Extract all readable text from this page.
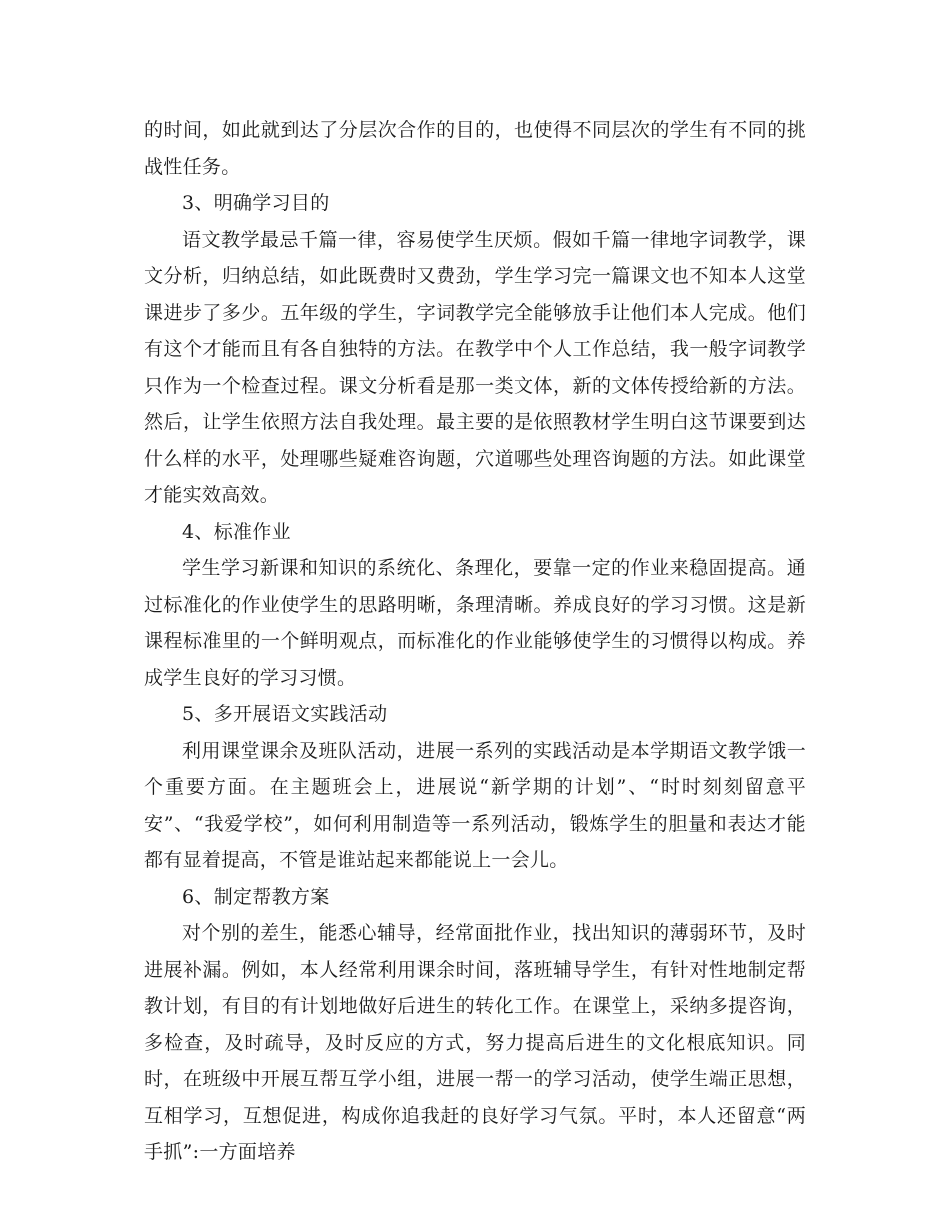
的时间，如此就到达了分层次合作的目的，也使得不同层次的学生有不同的挑战性任务。

3、明确学习目的

语文教学最忌千篇一律，容易使学生厌烦。假如千篇一律地字词教学，课文分析，归纳总结，如此既费时又费劲，学生学习完一篇课文也不知本人这堂课进步了多少。五年级的学生，字词教学完全能够放手让他们本人完成。他们有这个才能而且有各自独特的方法。在教学中个人工作总结，我一般字词教学只作为一个检查过程。课文分析看是那一类文体，新的文体传授给新的方法。然后，让学生依照方法自我处理。最主要的是依照教材学生明白这节课要到达什么样的水平，处理哪些疑难咨询题，穴道哪些处理咨询题的方法。如此课堂才能实效高效。

4、标准作业

学生学习新课和知识的系统化、条理化，要靠一定的作业来稳固提高。通过标准化的作业使学生的思路明晰，条理清晰。养成良好的学习习惯。这是新课程标准里的一个鲜明观点，而标准化的作业能够使学生的习惯得以构成。养成学生良好的学习习惯。

5、多开展语文实践活动

利用课堂课余及班队活动，进展一系列的实践活动是本学期语文教学饿一个重要方面。在主题班会上，进展说“新学期的计划”、“时时刻刻留意平安”、“我爱学校”，如何利用制造等一系列活动，锻炼学生的胆量和表达才能都有显着提高，不管是谁站起来都能说上一会儿。

6、制定帮教方案

对个别的差生，能悉心辅导，经常面批作业，找出知识的薄弱环节，及时进展补漏。例如，本人经常利用课余时间，落班辅导学生，有针对性地制定帮教计划，有目的有计划地做好后进生的转化工作。在课堂上，采纳多提咨询，多检查，及时疏导，及时反应的方式，努力提高后进生的文化根底知识。同时，在班级中开展互帮互学小组，进展一帮一的学习活动，使学生端正思想，互相学习，互想促进，构成你追我赶的良好学习气氛。平时，本人还留意“两手抓”:一方面培养
